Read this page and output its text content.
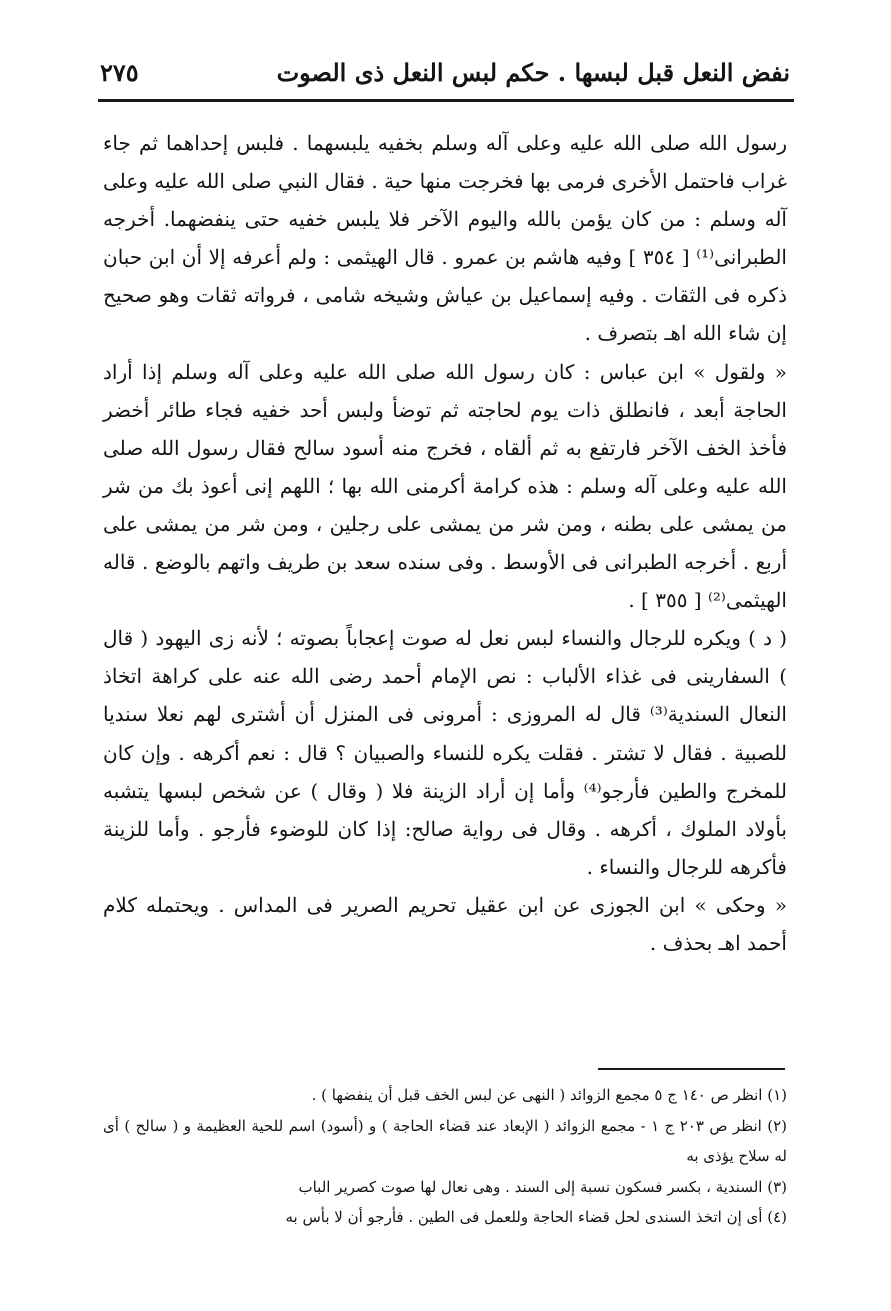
نفض النعل قبل لبسها . حكم لبس النعل ذى الصوت
٢٧٥

رسول الله صلى الله عليه وعلى آله وسلم بخفيه يلبسهما . فلبس إحداهما ثم جاء غراب فاحتمل الأخرى فرمى بها فخرجت منها حية . فقال النبي صلى الله عليه وعلى آله وسلم : من كان يؤمن بالله واليوم الآخر فلا يلبس خفيه حتى ينفضهما. أخرجه الطبرانى⁽¹⁾ [ ٣٥٤ ] وفيه هاشم بن عمرو . قال الهيثمى : ولم أعرفه إلا أن ابن حبان ذكره فى الثقات . وفيه إسماعيل بن عياش وشيخه شامى ، فرواته ثقات وهو صحيح إن شاء الله اهـ بتصرف .

« ولقول » ابن عباس : كان رسول الله صلى الله عليه وعلى آله وسلم إذا أراد الحاجة أبعد ، فانطلق ذات يوم لحاجته ثم توضأ ولبس أحد خفيه فجاء طائر أخضر فأخذ الخف الآخر فارتفع به ثم ألقاه ، فخرج منه أسود سالح فقال رسول الله صلى الله عليه وعلى آله وسلم : هذه كرامة أكرمنى الله بها ؛ اللهم إنى أعوذ بك من شر من يمشى على بطنه ، ومن شر من يمشى على رجلين ، ومن شر من يمشى على أربع . أخرجه الطبرانى فى الأوسط . وفى سنده سعد بن طريف واتهم بالوضع . قاله الهيثمى⁽²⁾ [ ٣٥٥ ] .

( د ) ويكره للرجال والنساء لبس نعل له صوت إعجاباً بصوته ؛ لأنه زى اليهود ( قال ) السفارينى فى غذاء الألباب : نص الإمام أحمد رضى الله عنه على كراهة اتخاذ النعال السندية⁽³⁾ قال له المروزى : أمرونى فى المنزل أن أشترى لهم نعلا سنديا للصبية . فقال لا تشتر . فقلت يكره للنساء والصبيان ؟ قال : نعم أكرهه . وإن كان للمخرج والطين فأرجو⁽⁴⁾ وأما إن أراد الزينة فلا ( وقال ) عن شخص لبسها يتشبه بأولاد الملوك ، أكرهه . وقال فى رواية صالح: إذا كان للوضوء فأرجو . وأما للزينة فأكرهه للرجال والنساء .

« وحكى » ابن الجوزى عن ابن عقيل تحريم الصرير فى المداس . ويحتمله كلام أحمد اهـ بحذف .

(١) انظر ص ١٤٠ ج ٥ مجمع الزوائد ( النهى عن لبس الخف قبل أن ينفضها ) .

(٢) انظر ص ٢٠٣ ج ١ - مجمع الزوائد ( الإبعاد عند قضاء الحاجة ) و (أسود) اسم للحية العظيمة و ( سالح ) أى له سلاح يؤذى به

(٣) السندية ، بكسر فسكون نسبة إلى السند . وهى نعال لها صوت كصرير الباب

(٤) أى إن اتخذ السندى لحل قضاء الحاجة وللعمل فى الطين . فأرجو أن لا بأس به
